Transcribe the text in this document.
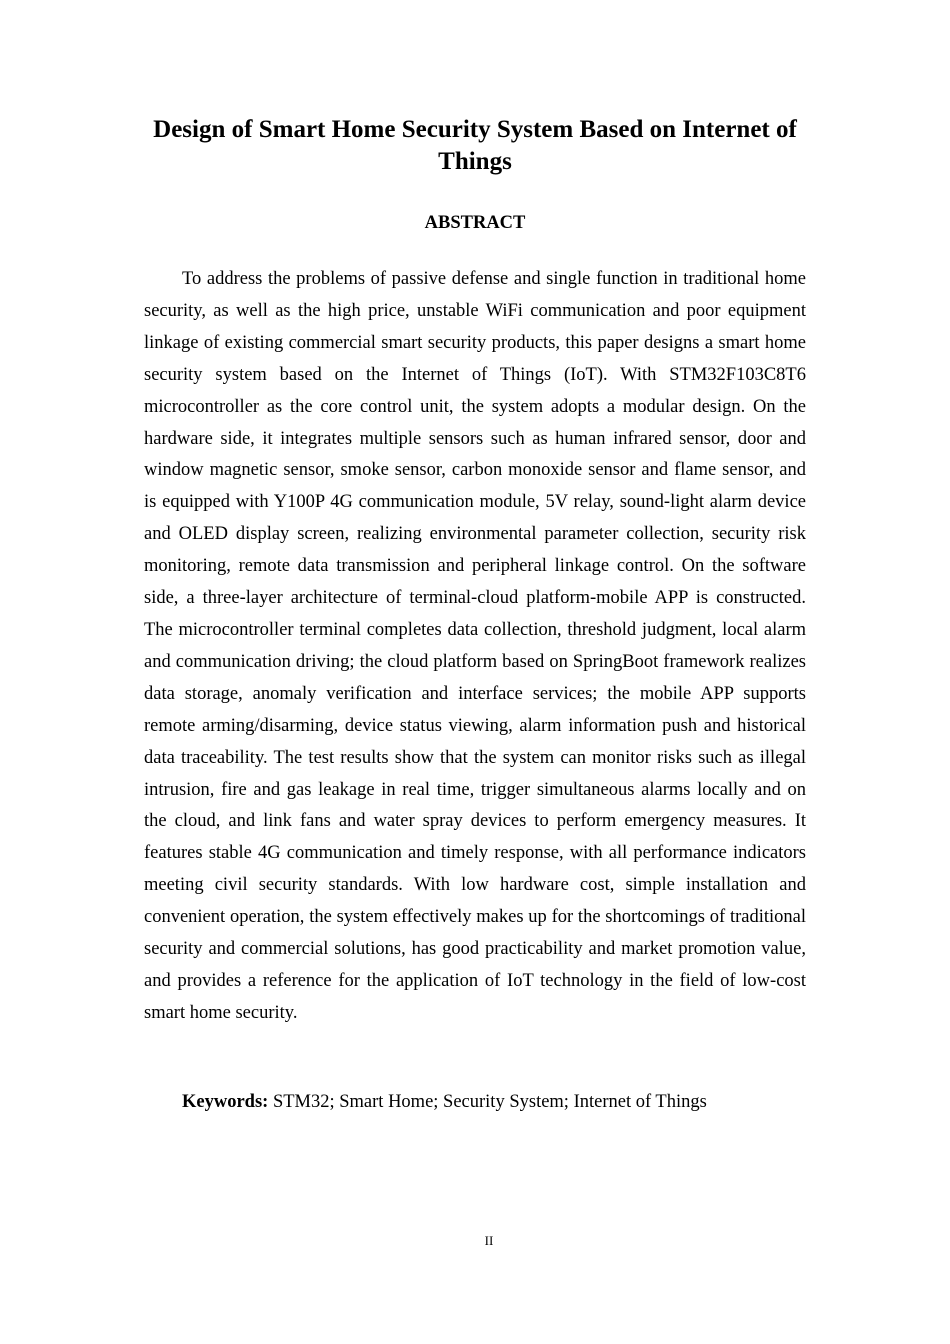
Design of Smart Home Security System Based on Internet of Things
ABSTRACT

To address the problems of passive defense and single function in traditional home security, as well as the high price, unstable WiFi communication and poor equipment linkage of existing commercial smart security products, this paper designs a smart home security system based on the Internet of Things (IoT). With STM32F103C8T6 microcontroller as the core control unit, the system adopts a modular design. On the hardware side, it integrates multiple sensors such as human infrared sensor, door and window magnetic sensor, smoke sensor, carbon monoxide sensor and flame sensor, and is equipped with Y100P 4G communication module, 5V relay, sound-light alarm device and OLED display screen, realizing environmental parameter collection, security risk monitoring, remote data transmission and peripheral linkage control. On the software side, a three-layer architecture of terminal-cloud platform-mobile APP is constructed. The microcontroller terminal completes data collection, threshold judgment, local alarm and communication driving; the cloud platform based on SpringBoot framework realizes data storage, anomaly verification and interface services; the mobile APP supports remote arming/disarming, device status viewing, alarm information push and historical data traceability. The test results show that the system can monitor risks such as illegal intrusion, fire and gas leakage in real time, trigger simultaneous alarms locally and on the cloud, and link fans and water spray devices to perform emergency measures. It features stable 4G communication and timely response, with all performance indicators meeting civil security standards. With low hardware cost, simple installation and convenient operation, the system effectively makes up for the shortcomings of traditional security and commercial solutions, has good practicability and market promotion value, and provides a reference for the application of IoT technology in the field of low-cost smart home security.

Keywords: STM32; Smart Home; Security System; Internet of Things

II
